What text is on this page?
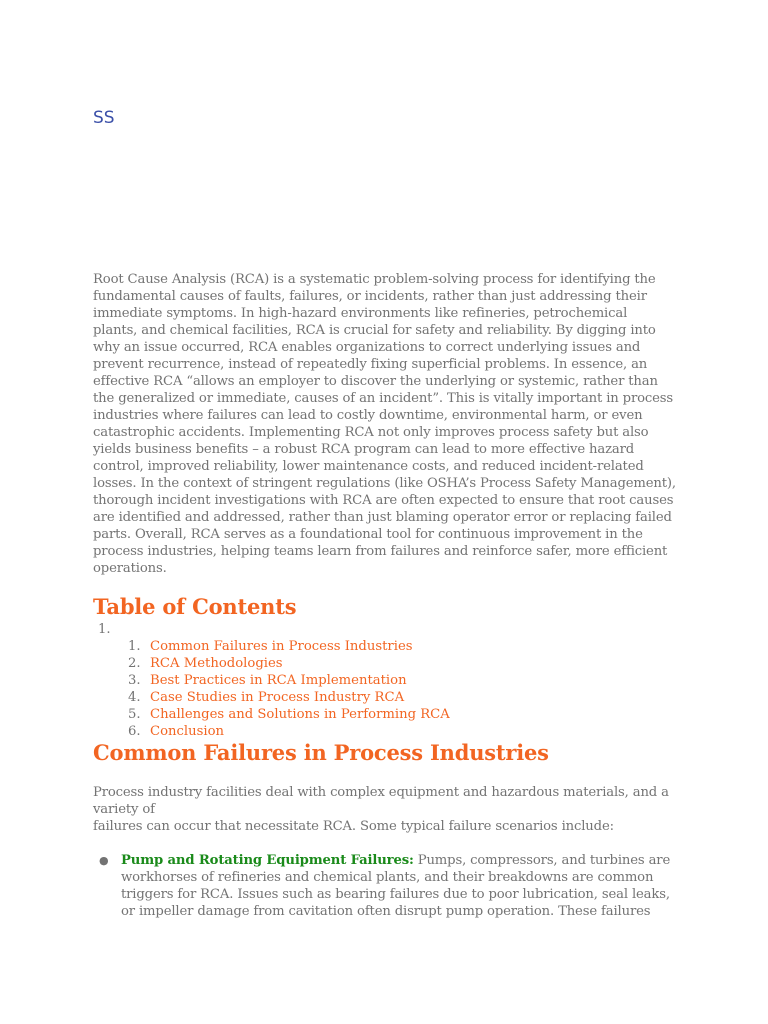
SS

Root Cause Analysis (RCA) is a systematic problem-solving process for identifying the
fundamental causes of faults, failures, or incidents, rather than just addressing their
immediate symptoms. In high-hazard environments like refineries, petrochemical
plants, and chemical facilities, RCA is crucial for safety and reliability. By digging into
why an issue occurred, RCA enables organizations to correct underlying issues and
prevent recurrence, instead of repeatedly fixing superficial problems. In essence, an
effective RCA “allows an employer to discover the underlying or systemic, rather than
the generalized or immediate, causes of an incident”. This is vitally important in process
industries where failures can lead to costly downtime, environmental harm, or even
catastrophic accidents. Implementing RCA not only improves process safety but also
yields business benefits – a robust RCA program can lead to more effective hazard
control, improved reliability, lower maintenance costs, and reduced incident-related
losses. In the context of stringent regulations (like OSHA’s Process Safety Management),
thorough incident investigations with RCA are often expected to ensure that root causes
are identified and addressed, rather than just blaming operator error or replacing failed
parts. Overall, RCA serves as a foundational tool for continuous improvement in the
process industries, helping teams learn from failures and reinforce safer, more efficient
operations.

Table of Contents
1.
1. Common Failures in Process Industries
2. RCA Methodologies
3. Best Practices in RCA Implementation
4. Case Studies in Process Industry RCA
5. Challenges and Solutions in Performing RCA
6. Conclusion
Common Failures in Process Industries

Process industry facilities deal with complex equipment and hazardous materials, and a
variety of
failures can occur that necessitate RCA. Some typical failure scenarios include:

● Pump and Rotating Equipment Failures: Pumps, compressors, and turbines are
workhorses of refineries and chemical plants, and their breakdowns are common
triggers for RCA. Issues such as bearing failures due to poor lubrication, seal leaks,
or impeller damage from cavitation often disrupt pump operation. These failures
